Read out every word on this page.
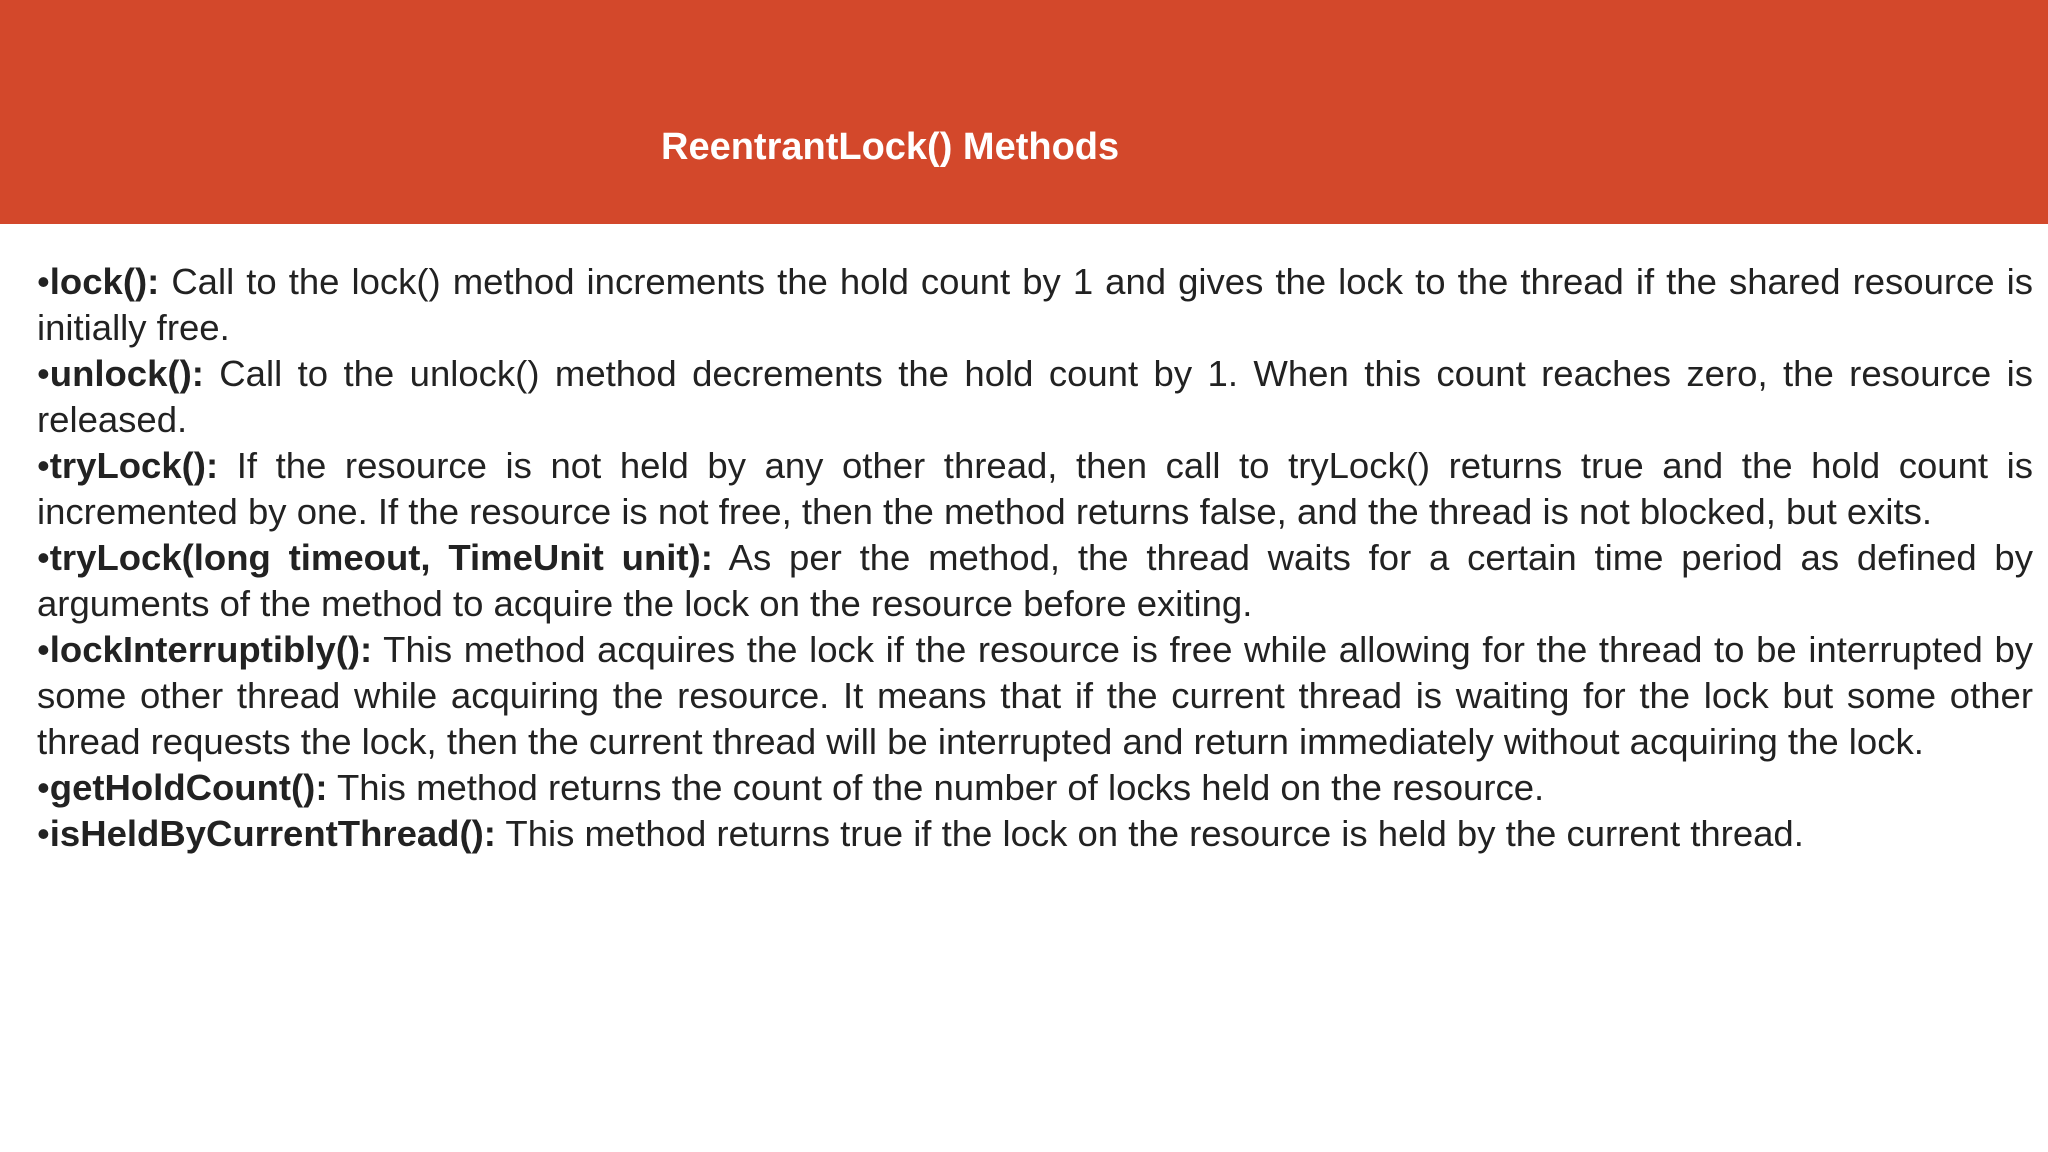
ReentrantLock() Methods

•lock(): Call to the lock() method increments the hold count by 1 and gives the lock to the thread if the shared resource is initially free.

•unlock(): Call to the unlock() method decrements the hold count by 1. When this count reaches zero, the resource is released.

•tryLock(): If the resource is not held by any other thread, then call to tryLock() returns true and the hold count is incremented by one. If the resource is not free, then the method returns false, and the thread is not blocked, but exits.

•tryLock(long timeout, TimeUnit unit): As per the method, the thread waits for a certain time period as defined by arguments of the method to acquire the lock on the resource before exiting.

•lockInterruptibly(): This method acquires the lock if the resource is free while allowing for the thread to be interrupted by some other thread while acquiring the resource. It means that if the current thread is waiting for the lock but some other thread requests the lock, then the current thread will be interrupted and return immediately without acquiring the lock.

•getHoldCount(): This method returns the count of the number of locks held on the resource.

•isHeldByCurrentThread(): This method returns true if the lock on the resource is held by the current thread.
